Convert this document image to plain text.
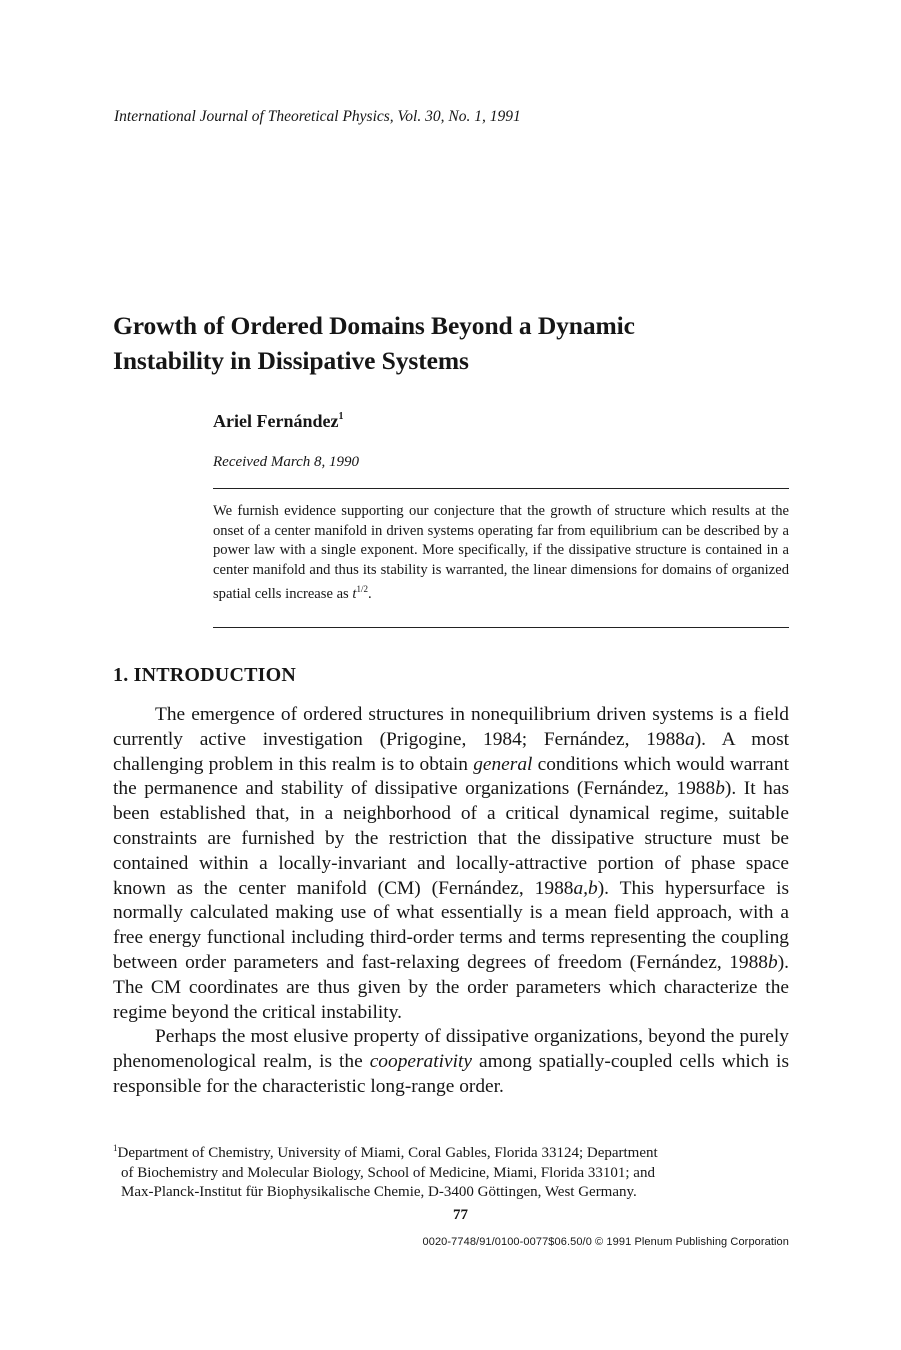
International Journal of Theoretical Physics, Vol. 30, No. 1, 1991
Growth of Ordered Domains Beyond a Dynamic
Instability in Dissipative Systems
Ariel Fernández$^1$
Received March 8, 1990
We furnish evidence supporting our conjecture that the growth of structure which results at the onset of a center manifold in driven systems operating far from equilibrium can be described by a power law with a single exponent. More specifically, if the dissipative structure is contained in a center manifold and thus its stability is warranted, the linear dimensions for domains of organized spatial cells increase as $t^{1/2}$.
1. INTRODUCTION

The emergence of ordered structures in nonequilibrium driven systems is a field currently active investigation (Prigogine, 1984; Fernández, 1988a). A most challenging problem in this realm is to obtain general conditions which would warrant the permanence and stability of dissipative organizations (Fernández, 1988b). It has been established that, in a neighborhood of a critical dynamical regime, suitable constraints are furnished by the restriction that the dissipative structure must be contained within a locally-invariant and locally-attractive portion of phase space known as the center manifold (CM) (Fernández, 1988a,b). This hypersurface is normally calculated making use of what essentially is a mean field approach, with a free energy functional including third-order terms and terms representing the coupling between order parameters and fast-relaxing degrees of freedom (Fernández, 1988b). The CM coordinates are thus given by the order parameters which characterize the regime beyond the critical instability.

Perhaps the most elusive property of dissipative organizations, beyond the purely phenomenological realm, is the cooperativity among spatially-coupled cells which is responsible for the characteristic long-range order.

$^1$Department of Chemistry, University of Miami, Coral Gables, Florida 33124; Department
of Biochemistry and Molecular Biology, School of Medicine, Miami, Florida 33101; and
Max-Planck-Institut für Biophysikalische Chemie, D-3400 Göttingen, West Germany.
77
0020-7748/91/0100-0077$06.50/0 © 1991 Plenum Publishing Corporation
